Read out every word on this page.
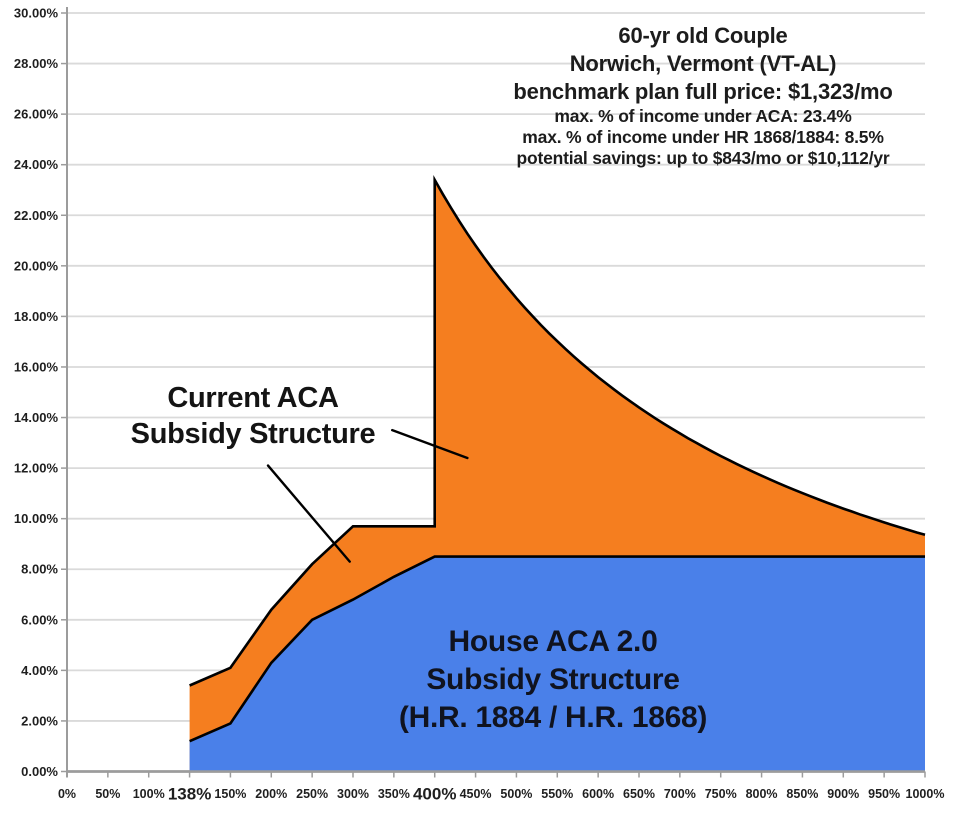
0.00%
2.00%
4.00%
6.00%
8.00%
10.00%
12.00%
14.00%
16.00%
18.00%
20.00%
22.00%
24.00%
26.00%
28.00%
30.00%
0% 50% 100% 138% 150% 200% 250% 300% 350% 400% 450% 500% 550% 600% 650% 700% 750% 800% 850% 900% 950% 1000%
60-yr old Couple
Norwich, Vermont (VT-AL)
benchmark plan full price: $1,323/mo
max. % of income under ACA: 23.4%
max. % of income under HR 1868/1884: 8.5%
potential savings: up to $843/mo or $10,112/yr
Current ACA
Subsidy Structure
House ACA 2.0
Subsidy Structure
(H.R. 1884 / H.R. 1868)
